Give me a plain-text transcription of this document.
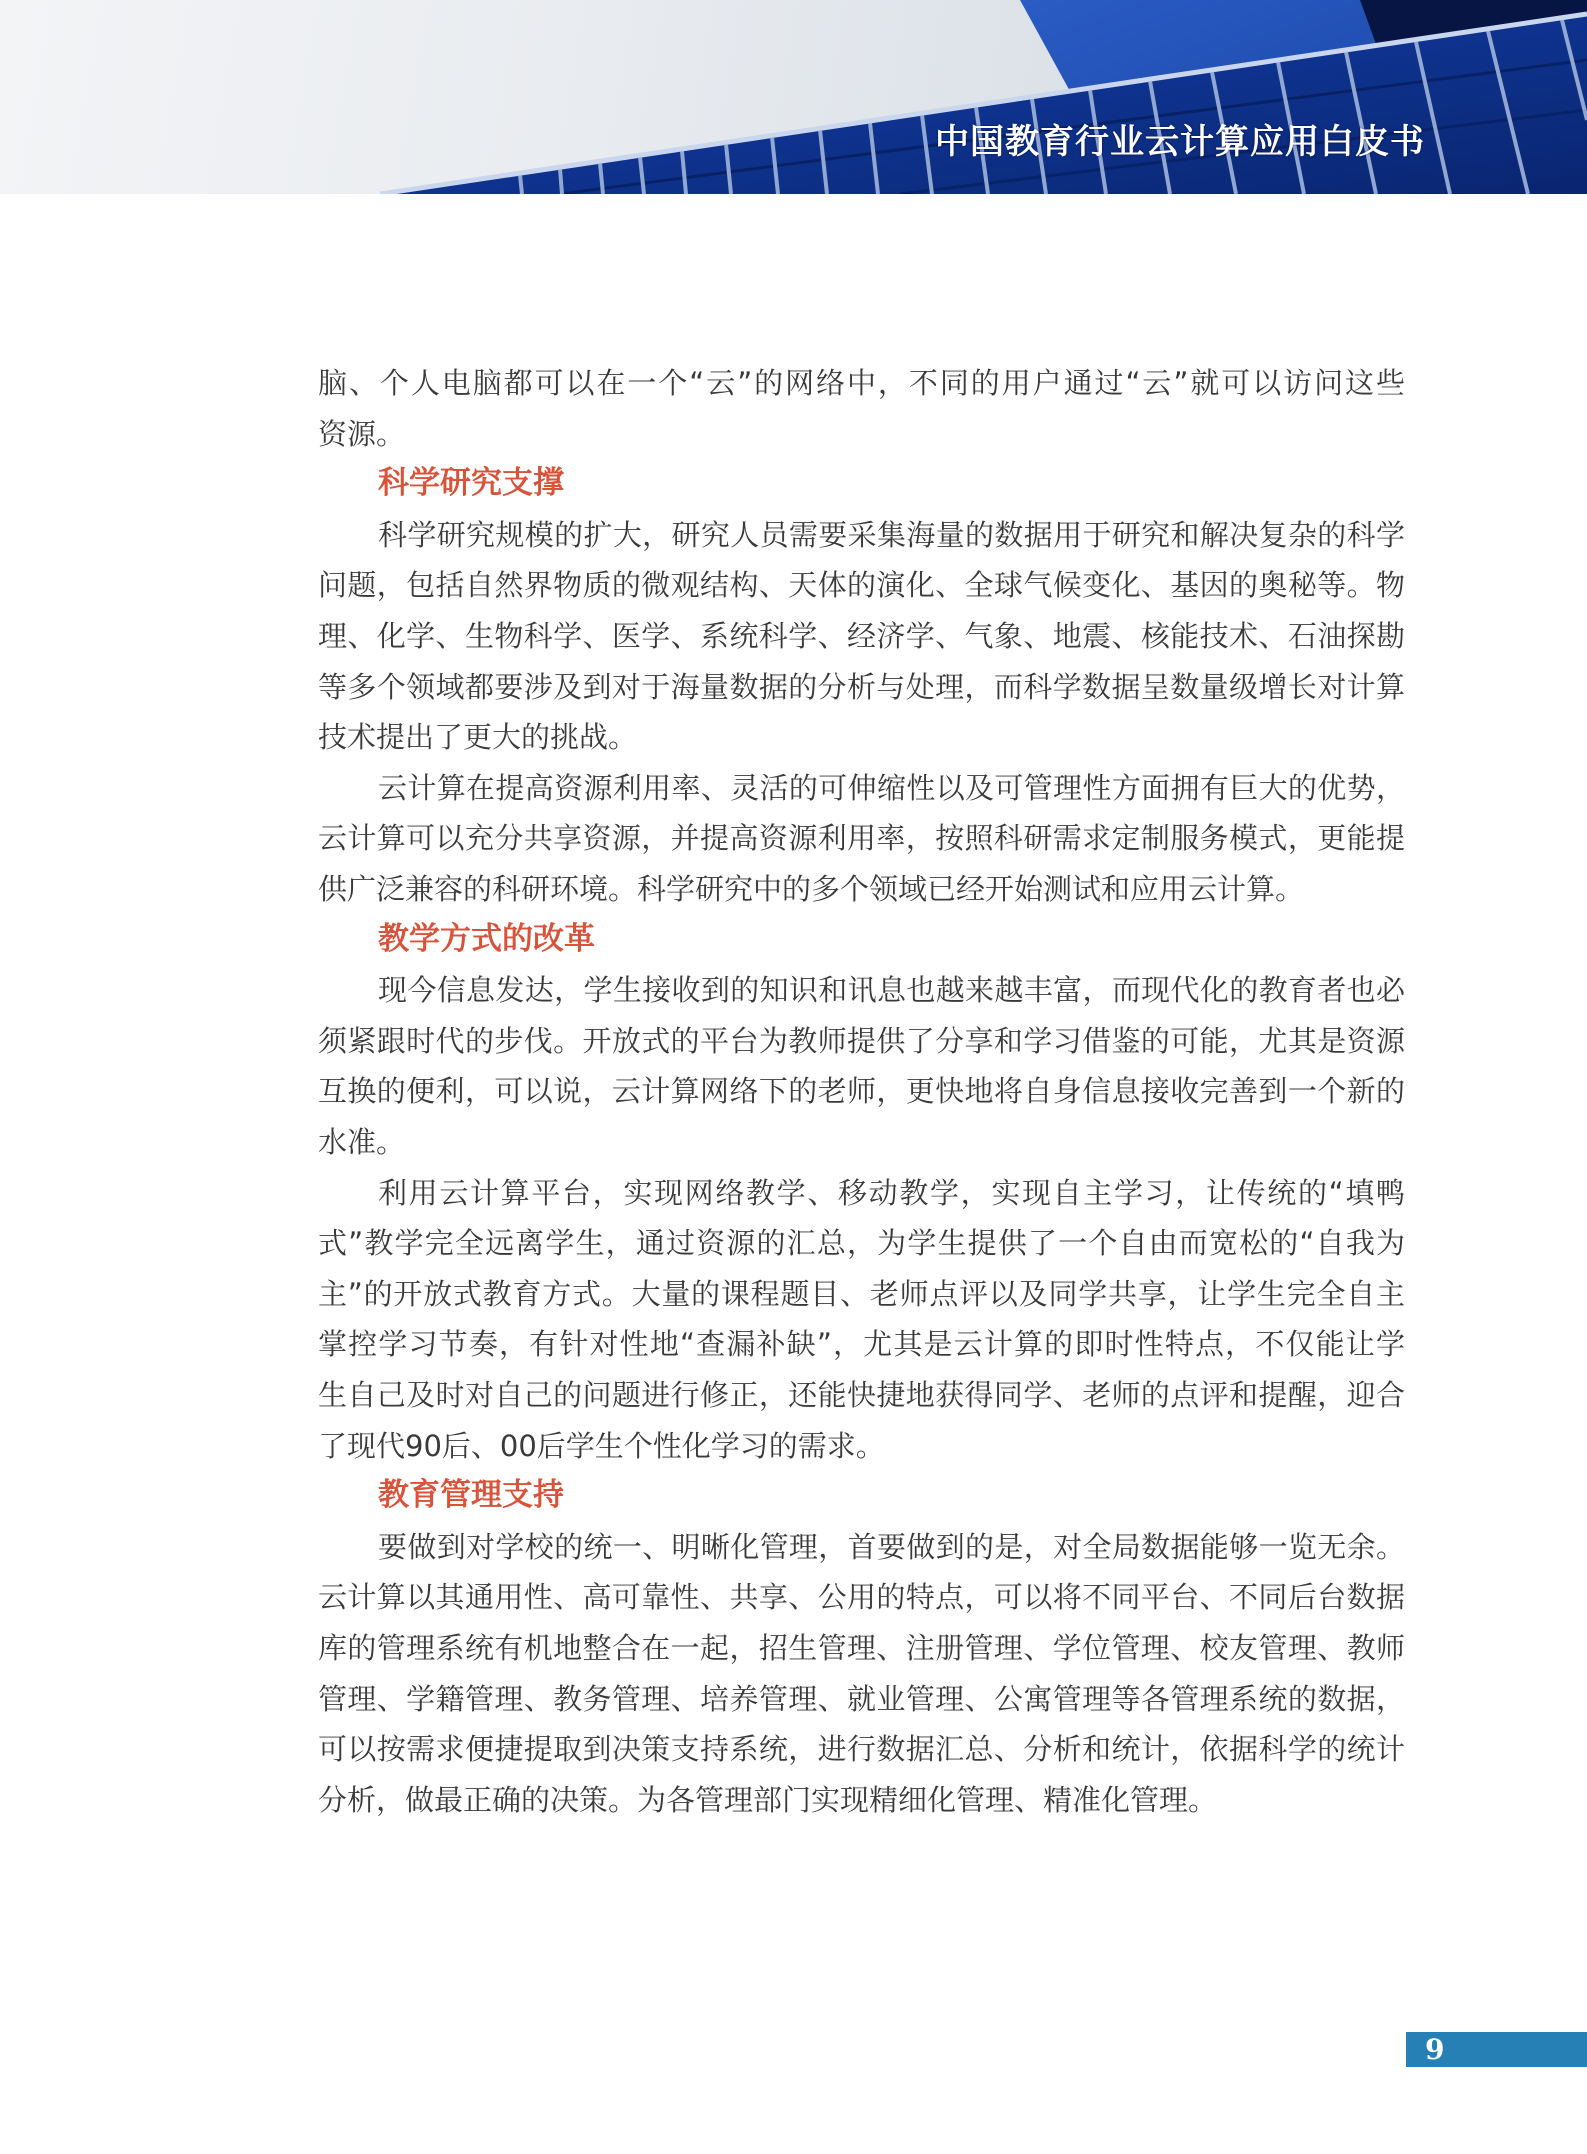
中国教育行业云计算应用白皮书
脑、个人电脑都可以在一个“云”的网络中，不同的用户通过“云”就可以访问这些
资源。
科学研究支撑
科学研究规模的扩大，研究人员需要采集海量的数据用于研究和解决复杂的科学
问题，包括自然界物质的微观结构、天体的演化、全球气候变化、基因的奥秘等。物
理、化学、生物科学、医学、系统科学、经济学、气象、地震、核能技术、石油探勘
等多个领域都要涉及到对于海量数据的分析与处理，而科学数据呈数量级增长对计算
技术提出了更大的挑战。
云计算在提高资源利用率、灵活的可伸缩性以及可管理性方面拥有巨大的优势，
云计算可以充分共享资源，并提高资源利用率，按照科研需求定制服务模式，更能提
供广泛兼容的科研环境。科学研究中的多个领域已经开始测试和应用云计算。
教学方式的改革
现今信息发达，学生接收到的知识和讯息也越来越丰富，而现代化的教育者也必
须紧跟时代的步伐。开放式的平台为教师提供了分享和学习借鉴的可能，尤其是资源
互换的便利，可以说，云计算网络下的老师，更快地将自身信息接收完善到一个新的
水准。
利用云计算平台，实现网络教学、移动教学，实现自主学习，让传统的“填鸭
式”教学完全远离学生，通过资源的汇总，为学生提供了一个自由而宽松的“自我为
主”的开放式教育方式。大量的课程题目、老师点评以及同学共享，让学生完全自主
掌控学习节奏，有针对性地“查漏补缺”，尤其是云计算的即时性特点，不仅能让学
生自己及时对自己的问题进行修正，还能快捷地获得同学、老师的点评和提醒，迎合
了现代90后、00后学生个性化学习的需求。
教育管理支持
要做到对学校的统一、明晰化管理，首要做到的是，对全局数据能够一览无余。
云计算以其通用性、高可靠性、共享、公用的特点，可以将不同平台、不同后台数据
库的管理系统有机地整合在一起，招生管理、注册管理、学位管理、校友管理、教师
管理、学籍管理、教务管理、培养管理、就业管理、公寓管理等各管理系统的数据，
可以按需求便捷提取到决策支持系统，进行数据汇总、分析和统计，依据科学的统计
分析，做最正确的决策。为各管理部门实现精细化管理、精准化管理。
9
